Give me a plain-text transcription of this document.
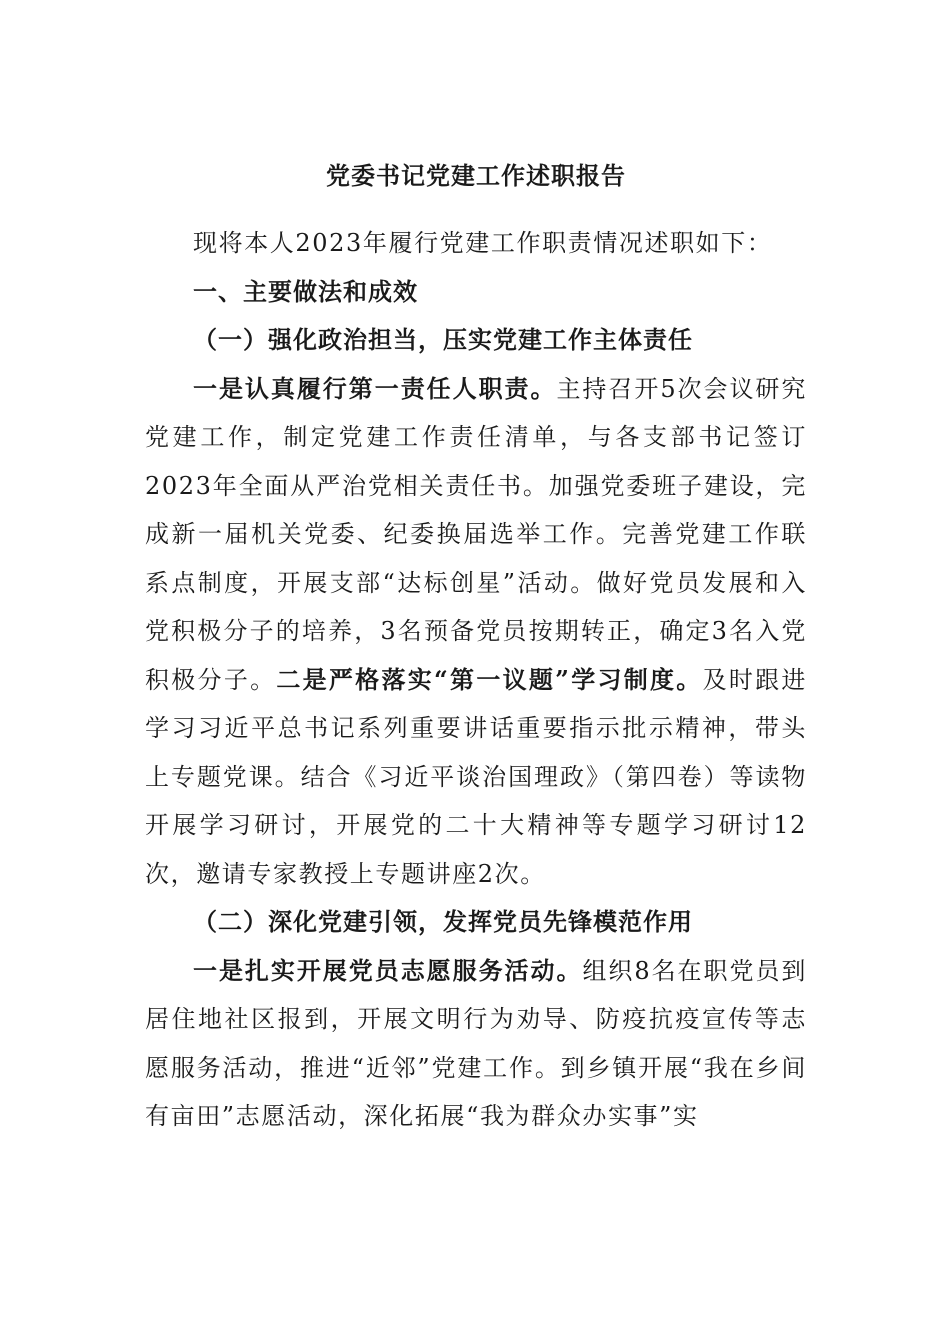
党委书记党建工作述职报告

现将本人2023年履行党建工作职责情况述职如下：

一、主要做法和成效
（一）强化政治担当，压实党建工作主体责任

一是认真履行第一责任人职责。主持召开5次会议研究党建工作，制定党建工作责任清单，与各支部书记签订2023年全面从严治党相关责任书。加强党委班子建设，完成新一届机关党委、纪委换届选举工作。完善党建工作联系点制度，开展支部“达标创星”活动。做好党员发展和入党积极分子的培养，3名预备党员按期转正，确定3名入党积极分子。二是严格落实“第一议题”学习制度。及时跟进学习习近平总书记系列重要讲话重要指示批示精神，带头上专题党课。结合《习近平谈治国理政》（第四卷）等读物开展学习研讨，开展党的二十大精神等专题学习研讨12次，邀请专家教授上专题讲座2次。

（二）深化党建引领，发挥党员先锋模范作用

一是扎实开展党员志愿服务活动。组织8名在职党员到居住地社区报到，开展文明行为劝导、防疫抗疫宣传等志愿服务活动，推进“近邻”党建工作。到乡镇开展“我在乡间有亩田”志愿活动，深化拓展“我为群众办实事”实
